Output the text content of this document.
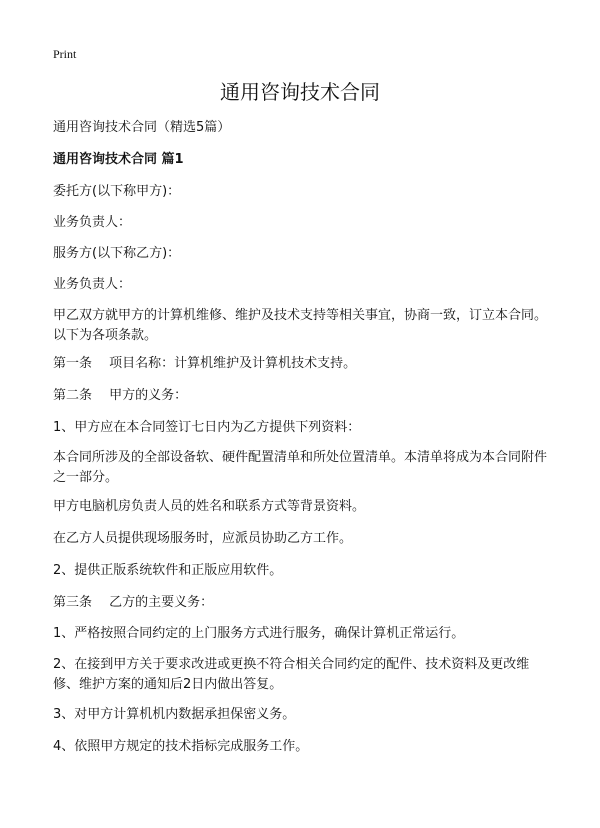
Print
通用咨询技术合同

通用咨询技术合同（精选5篇）

通用咨询技术合同 篇1

委托方(以下称甲方)：

业务负责人：

服务方(以下称乙方)：

业务负责人：

甲乙双方就甲方的计算机维修、维护及技术支持等相关事宜，协商一致，订立本合同。以下为各项条款。

第一条　 项目名称：计算机维护及计算机技术支持。

第二条　 甲方的义务：

1、甲方应在本合同签订七日内为乙方提供下列资料：

本合同所涉及的全部设备软、硬件配置清单和所处位置清单。本清单将成为本合同附件之一部分。

甲方电脑机房负责人员的姓名和联系方式等背景资料。

在乙方人员提供现场服务时，应派员协助乙方工作。

2、提供正版系统软件和正版应用软件。

第三条　 乙方的主要义务：

1、严格按照合同约定的上门服务方式进行服务，确保计算机正常运行。

2、在接到甲方关于要求改进或更换不符合相关合同约定的配件、技术资料及更改维修、维护方案的通知后2日内做出答复。

3、对甲方计算机机内数据承担保密义务。

4、依照甲方规定的技术指标完成服务工作。
